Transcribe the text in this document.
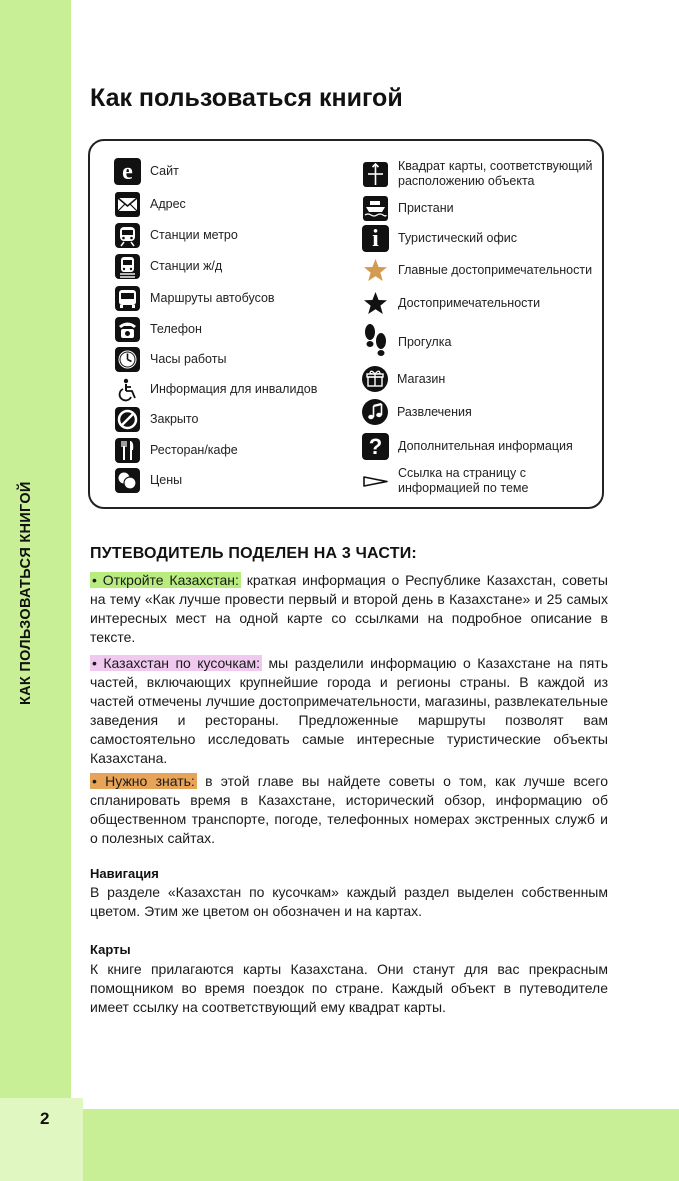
КАК ПОЛЬЗОВАТЬСЯ КНИГОЙ
2
Как пользоваться книгой
e Сайт
Адрес
Станции метро
Станции ж/д
Маршруты автобусов
Телефон
Часы работы
Информация для инвалидов
Закрыто
Ресторан/кафе
Цены
Квадрат карты, соответствующий расположению объекта
Пристани
i Туристический офис
Главные достопримечательности
Достопримечательности
Прогулка
Магазин
Развлечения
? Дополнительная информация
Ссылка на страницу с информацией по теме
ПУТЕВОДИТЕЛЬ ПОДЕЛЕН НА 3 ЧАСТИ:

• Откройте Казахстан: краткая информация о Республике Казахстан, советы на тему «Как лучше провести первый и второй день в Казахстане» и 25 самых интересных мест на одной карте со ссылками на подробное описание в тексте.

• Казахстан по кусочкам: мы разделили информацию о Казахстане на пять частей, включающих крупнейшие города и регионы страны. В каждой из частей отмечены лучшие достопримечательности, магазины, развлекательные заведения и рестораны. Предложенные маршруты позволят вам самостоятельно исследовать самые интересные туристические объекты Казахстана.

• Нужно знать: в этой главе вы найдете советы о том, как лучше всего спланировать время в Казахстане, исторический обзор, информацию об общественном транспорте, погоде, телефонных номерах экстренных служб и о полезных сайтах.

Навигация

В разделе «Казахстан по кусочкам» каждый раздел выделен собственным цветом. Этим же цветом он обозначен и на картах.

Карты

К книге прилагаются карты Казахстана. Они станут для вас прекрасным помощником во время поездок по стране. Каждый объект в путеводителе имеет ссылку на соответствующий ему квадрат карты.
